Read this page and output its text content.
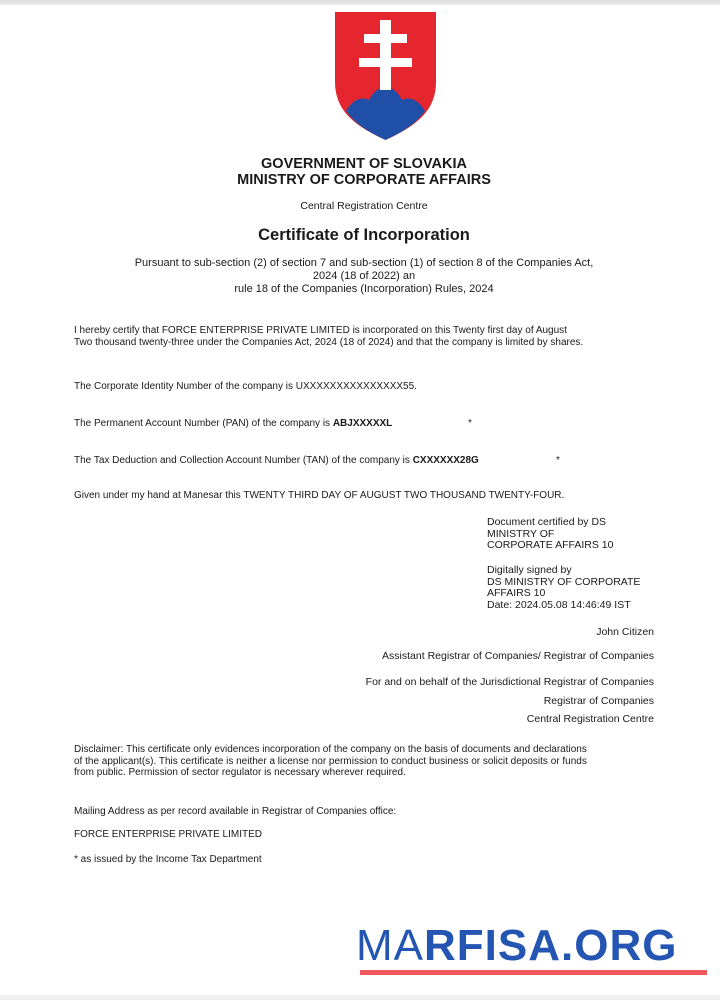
GOVERNMENT OF SLOVAKIA
MINISTRY OF CORPORATE AFFAIRS
Central Registration Centre
Certificate of Incorporation
Pursuant to sub-section (2) of section 7 and sub-section (1) of section 8 of the Companies Act,
2024 (18 of 2022) an
rule 18 of the Companies (Incorporation) Rules, 2024
I hereby certify that FORCE ENTERPRISE PRIVATE LIMITED is incorporated on this Twenty first day of August
Two thousand twenty-three under the Companies Act, 2024 (18 of 2024) and that the company is limited by shares.
The Corporate Identity Number of the company is UXXXXXXXXXXXXXXX55.
The Permanent Account Number (PAN) of the company is ABJXXXXXL	*
The Tax Deduction and Collection Account Number (TAN) of the company is CXXXXXX28G	*
Given under my hand at Manesar this TWENTY THIRD DAY OF AUGUST TWO THOUSAND TWENTY-FOUR.
Document certified by DS
MINISTRY OF
CORPORATE AFFAIRS 10
Digitally signed by
DS MINISTRY OF CORPORATE
AFFAIRS 10
Date: 2024.05.08 14:46:49 IST
John Citizen
Assistant Registrar of Companies/ Registrar of Companies
For and on behalf of the Jurisdictional Registrar of Companies
Registrar of Companies
Central Registration Centre
Disclaimer: This certificate only evidences incorporation of the company on the basis of documents and declarations
of the applicant(s). This certificate is neither a license nor permission to conduct business or solicit deposits or funds
from public. Permission of sector regulator is necessary wherever required.
Mailing Address as per record available in Registrar of Companies office:
FORCE ENTERPRISE PRIVATE LIMITED
* as issued by the Income Tax Department
MARFISA.ORG
